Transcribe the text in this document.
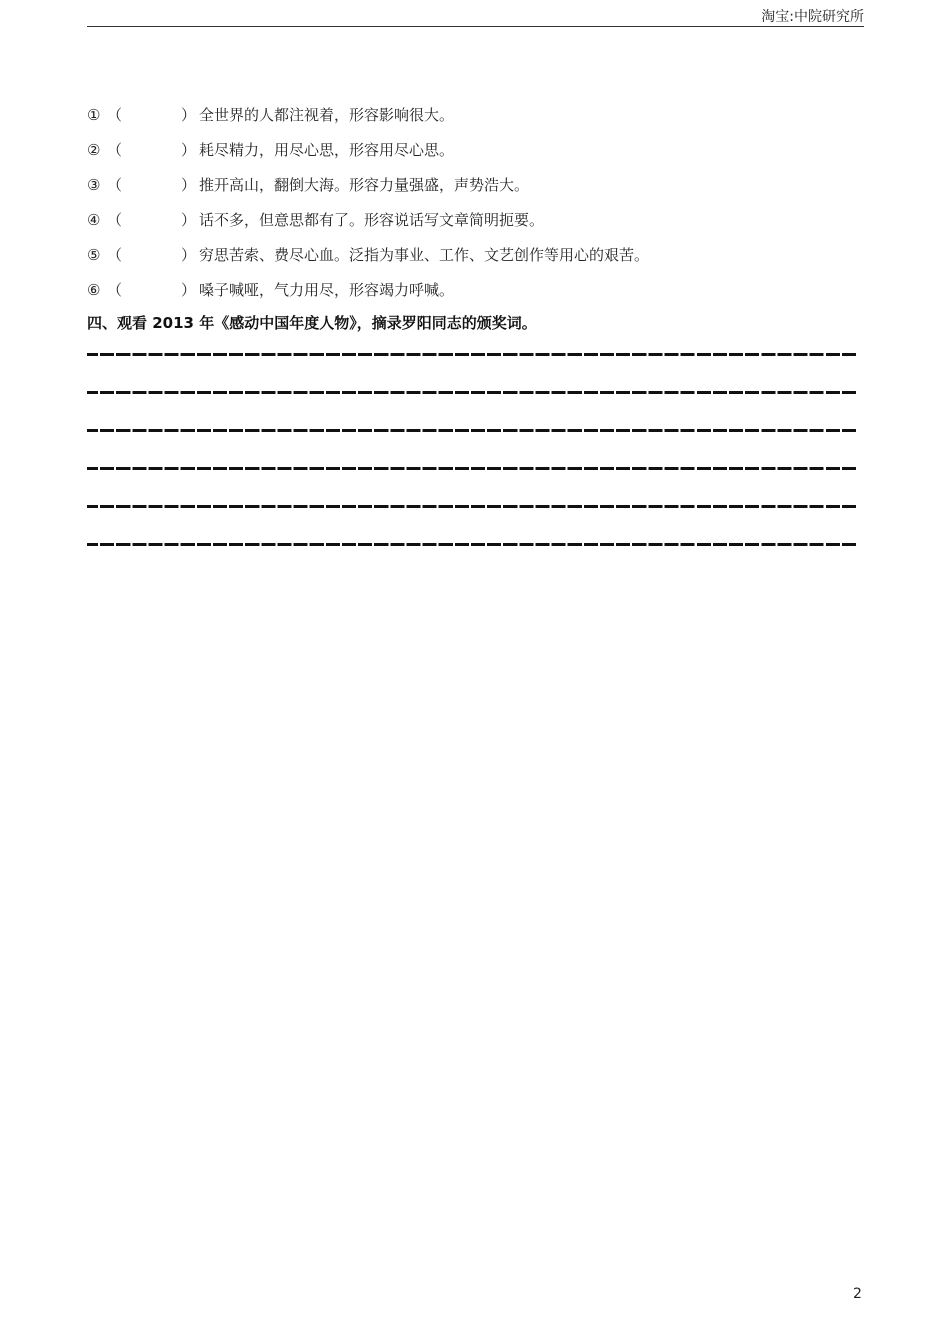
淘宝:中院研究所
① （	） 全世界的人都注视着，形容影响很大。
② （	） 耗尽精力，用尽心思，形容用尽心思。
③ （	） 推开高山，翻倒大海。形容力量强盛，声势浩大。
④ （	） 话不多，但意思都有了。形容说话写文章简明扼要。
⑤ （	） 穷思苦索、费尽心血。泛指为事业、工作、文艺创作等用心的艰苦。
⑥ （	） 嗓子喊哑，气力用尽，形容竭力呼喊。
四、观看 2013 年《感动中国年度人物》，摘录罗阳同志的颁奖词。
2
